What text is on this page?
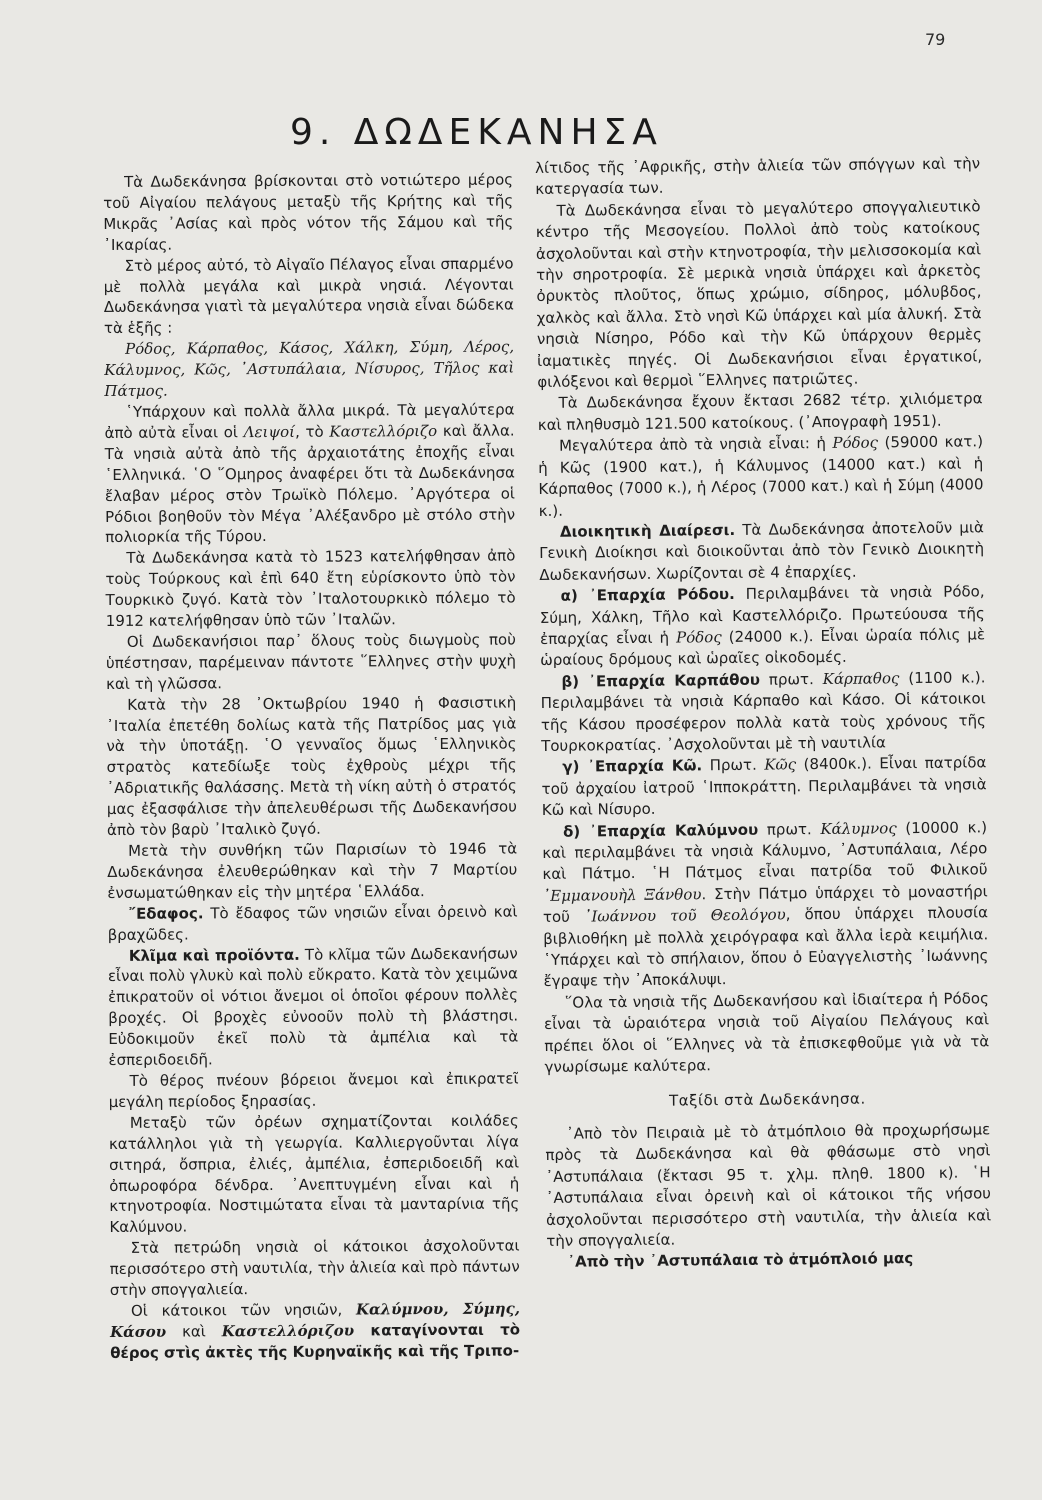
79
9. ΔΩΔΕΚΑΝΗΣΑ

Τὰ Δωδεκάνησα βρίσκονται στὸ νοτιώτερο μέρος τοῦ Αἰγαίου πελάγους μεταξὺ τῆς Κρήτης καὶ τῆς Μικρᾶς ᾿Ασίας καὶ πρὸς νότον τῆς Σάμου καὶ τῆς ᾿Ικαρίας.

Στὸ μέρος αὐτό, τὸ Αἰγαῖο Πέλαγος εἶναι σπαρμένο μὲ πολλὰ μεγάλα καὶ μικρὰ νησιά. Λέγονται Δωδεκάνησα γιατὶ τὰ μεγαλύτερα νησιὰ εἶναι δώδεκα τὰ ἑξῆς :

Ρόδος, Κάρπαθος, Κάσος, Χάλκη, Σύμη, Λέρος, Κάλυμνος, Κῶς, ᾿Αστυπάλαια, Νίσυρος, Τῆλος καὶ Πάτμος.

῾Υπάρχουν καὶ πολλὰ ἄλλα μικρά. Τὰ μεγαλύτερα ἀπὸ αὐτὰ εἶναι οἱ Λειψοί, τὸ Καστελλόριζο καὶ ἄλλα. Τὰ νησιὰ αὐτὰ ἀπὸ τῆς ἀρχαιοτάτης ἐποχῆς εἶναι ῾Ελληνικά. ῾Ο ῞Ομηρος ἀναφέρει ὅτι τὰ Δωδεκάνησα ἔλαβαν μέρος στὸν Τρωϊκὸ Πόλεμο. ᾿Αργότερα οἱ Ρόδιοι βοηθοῦν τὸν Μέγα ᾿Αλέξανδρο μὲ στόλο στὴν πολιορκία τῆς Τύρου.

Τὰ Δωδεκάνησα κατὰ τὸ 1523 κατελήφθησαν ἀπὸ τοὺς Τούρκους καὶ ἐπὶ 640 ἔτη εὑρίσκοντο ὑπὸ τὸν Τουρκικὸ ζυγό. Κατὰ τὸν ᾿Ιταλοτουρκικὸ πόλεμο τὸ 1912 κατελήφθησαν ὑπὸ τῶν ᾿Ιταλῶν.

Οἱ Δωδεκανήσιοι παρ᾿ ὅλους τοὺς διωγμοὺς ποὺ ὑπέστησαν, παρέμειναν πάντοτε ῞Ελληνες στὴν ψυχὴ καὶ τὴ γλῶσσα.

Κατὰ τὴν 28 ᾿Οκτωβρίου 1940 ἡ Φασιστικὴ ᾿Ιταλία ἐπετέθη δολίως κατὰ τῆς Πατρίδος μας γιὰ νὰ τὴν ὑποτάξῃ. ῾Ο γενναῖος ὅμως ῾Ελληνικὸς στρατὸς κατεδίωξε τοὺς ἐχθροὺς μέχρι τῆς ᾿Αδριατικῆς θαλάσσης. Μετὰ τὴ νίκη αὐτὴ ὁ στρατός μας ἐξασφάλισε τὴν ἀπελευθέρωσι τῆς Δωδεκανήσου ἀπὸ τὸν βαρὺ ᾿Ιταλικὸ ζυγό.

Μετὰ τὴν συνθήκη τῶν Παρισίων τὸ 1946 τὰ Δωδεκάνησα ἐλευθερώθηκαν καὶ τὴν 7 Μαρτίου ἐνσωματώθηκαν εἰς τὴν μητέρα ῾Ελλάδα.

῎Εδαφος. Τὸ ἔδαφος τῶν νησιῶν εἶναι ὀρεινὸ καὶ βραχῶδες.

Κλῖμα καὶ προϊόντα. Τὸ κλῖμα τῶν Δωδεκανήσων εἶναι πολὺ γλυκὺ καὶ πολὺ εὔκρατο. Κατὰ τὸν χειμῶνα ἐπικρατοῦν οἱ νότιοι ἄνεμοι οἱ ὁποῖοι φέρουν πολλὲς βροχές. Οἱ βροχὲς εὐνοοῦν πολὺ τὴ βλάστησι. Εὐδοκιμοῦν ἐκεῖ πολὺ τὰ ἀμπέλια καὶ τὰ ἐσπεριδοειδῆ.

Τὸ θέρος πνέουν βόρειοι ἄνεμοι καὶ ἐπικρατεῖ μεγάλη περίοδος ξηρασίας.

Μεταξὺ τῶν ὀρέων σχηματίζονται κοιλάδες κατάλληλοι γιὰ τὴ γεωργία. Καλλιεργοῦνται λίγα σιτηρά, ὄσπρια, ἐλιές, ἀμπέλια, ἐσπεριδοειδῆ καὶ ὀπωροφόρα δένδρα. ᾿Ανεπτυγμένη εἶναι καὶ ἡ κτηνοτροφία. Νοστιμώτατα εἶναι τὰ μανταρίνια τῆς Καλύμνου.

Στὰ πετρώδη νησιὰ οἱ κάτοικοι ἀσχολοῦνται περισσότερο στὴ ναυτιλία, τὴν ἁλιεία καὶ πρὸ πάντων στὴν σπογγαλιεία.

Οἱ κάτοικοι τῶν νησιῶν, Καλύμνου, Σύμης, Κάσου καὶ Καστελλόριζου καταγίνονται τὸ θέρος στὶς ἀκτὲς τῆς Κυρηναϊκῆς καὶ τῆς Τριπο-

λίτιδος τῆς ᾿Αφρικῆς, στὴν ἁλιεία τῶν σπόγγων καὶ τὴν κατεργασία των.

Τὰ Δωδεκάνησα εἶναι τὸ μεγαλύτερο σπογγαλιευτικὸ κέντρο τῆς Μεσογείου. Πολλοὶ ἀπὸ τοὺς κατοίκους ἀσχολοῦνται καὶ στὴν κτηνοτροφία, τὴν μελισσοκομία καὶ τὴν σηροτροφία. Σὲ μερικὰ νησιὰ ὑπάρχει καὶ ἀρκετὸς ὀρυκτὸς πλοῦτος, ὅπως χρώμιο, σίδηρος, μόλυβδος, χαλκὸς καὶ ἄλλα. Στὸ νησὶ Κῶ ὑπάρχει καὶ μία ἁλυκή. Στὰ νησιὰ Νίσηρο, Ρόδο καὶ τὴν Κῶ ὑπάρχουν θερμὲς ἰαματικὲς πηγές. Οἱ Δωδεκανήσιοι εἶναι ἐργατικοί, φιλόξενοι καὶ θερμοὶ ῞Ελληνες πατριῶτες.

Τὰ Δωδεκάνησα ἔχουν ἔκτασι 2682 τέτρ. χιλιόμετρα καὶ πληθυσμὸ 121.500 κατοίκους. (᾿Απογραφὴ 1951).

Μεγαλύτερα ἀπὸ τὰ νησιὰ εἶναι: ἡ Ρόδος (59000 κατ.) ἡ Κῶς (1900 κατ.), ἡ Κάλυμνος (14000 κατ.) καὶ ἡ Κάρπαθος (7000 κ.), ἡ Λέρος (7000 κατ.) καὶ ἡ Σύμη (4000 κ.).

Διοικητικὴ Διαίρεσι. Τὰ Δωδεκάνησα ἀποτελοῦν μιὰ Γενικὴ Διοίκησι καὶ διοικοῦνται ἀπὸ τὸν Γενικὸ Διοικητὴ Δωδεκανήσων. Χωρίζονται σὲ 4 ἐπαρχίες.

α) ᾿Επαρχία Ρόδου. Περιλαμβάνει τὰ νησιὰ Ρόδο, Σύμη, Χάλκη, Τῆλο καὶ Καστελλόριζο. Πρωτεύουσα τῆς ἐπαρχίας εἶναι ἡ Ρόδος (24000 κ.). Εἶναι ὡραία πόλις μὲ ὡραίους δρόμους καὶ ὡραῖες οἰκοδομές.

β) ᾿Επαρχία Καρπάθου πρωτ. Κάρπαθος (1100 κ.). Περιλαμβάνει τὰ νησιὰ Κάρπαθο καὶ Κάσο. Οἱ κάτοικοι τῆς Κάσου προσέφερον πολλὰ κατὰ τοὺς χρόνους τῆς Τουρκοκρατίας. ᾿Ασχολοῦνται μὲ τὴ ναυτιλία

γ) ᾿Επαρχία Κῶ. Πρωτ. Κῶς (8400κ.). Εἶναι πατρίδα τοῦ ἀρχαίου ἰατροῦ ῾Ιπποκράττη. Περιλαμβάνει τὰ νησιὰ Κῶ καὶ Νίσυρο.

δ) ᾿Επαρχία Καλύμνου πρωτ. Κάλυμνος (10000 κ.) καὶ περιλαμβάνει τὰ νησιὰ Κάλυμνο, ᾿Αστυπάλαια, Λέρο καὶ Πάτμο. ῾Η Πάτμος εἶναι πατρίδα τοῦ Φιλικοῦ ᾿Εμμανουὴλ Ξάνθου. Στὴν Πάτμο ὑπάρχει τὸ μοναστήρι τοῦ ᾿Ιωάννου τοῦ Θεολόγου, ὅπου ὑπάρχει πλουσία βιβλιοθήκη μὲ πολλὰ χειρόγραφα καὶ ἄλλα ἱερὰ κειμήλια. ῾Υπάρχει καὶ τὸ σπήλαιον, ὅπου ὁ Εὐαγγελιστὴς ᾿Ιωάννης ἔγραψε τὴν ᾿Αποκάλυψι.

῞Ολα τὰ νησιὰ τῆς Δωδεκανήσου καὶ ἰδιαίτερα ἡ Ρόδος εἶναι τὰ ὡραιότερα νησιὰ τοῦ Αἰγαίου Πελάγους καὶ πρέπει ὅλοι οἱ ῞Ελληνες νὰ τὰ ἐπισκεφθοῦμε γιὰ νὰ τὰ γνωρίσωμε καλύτερα.

Ταξίδι στὰ Δωδεκάνησα.

᾿Απὸ τὸν Πειραιὰ μὲ τὸ ἀτμόπλοιο θὰ προχωρήσωμε πρὸς τὰ Δωδεκάνησα καὶ θὰ φθάσωμε στὸ νησὶ ᾿Αστυπάλαια (ἔκτασι 95 τ. χλμ. πληθ. 1800 κ). ῾Η ᾿Αστυπάλαια εἶναι ὀρεινὴ καὶ οἱ κάτοικοι τῆς νήσου ἀσχολοῦνται περισσότερο στὴ ναυτιλία, τὴν ἁλιεία καὶ τὴν σπογγαλιεία.

᾿Απὸ τὴν ᾿Αστυπάλαια τὸ ἀτμόπλοιό μας
